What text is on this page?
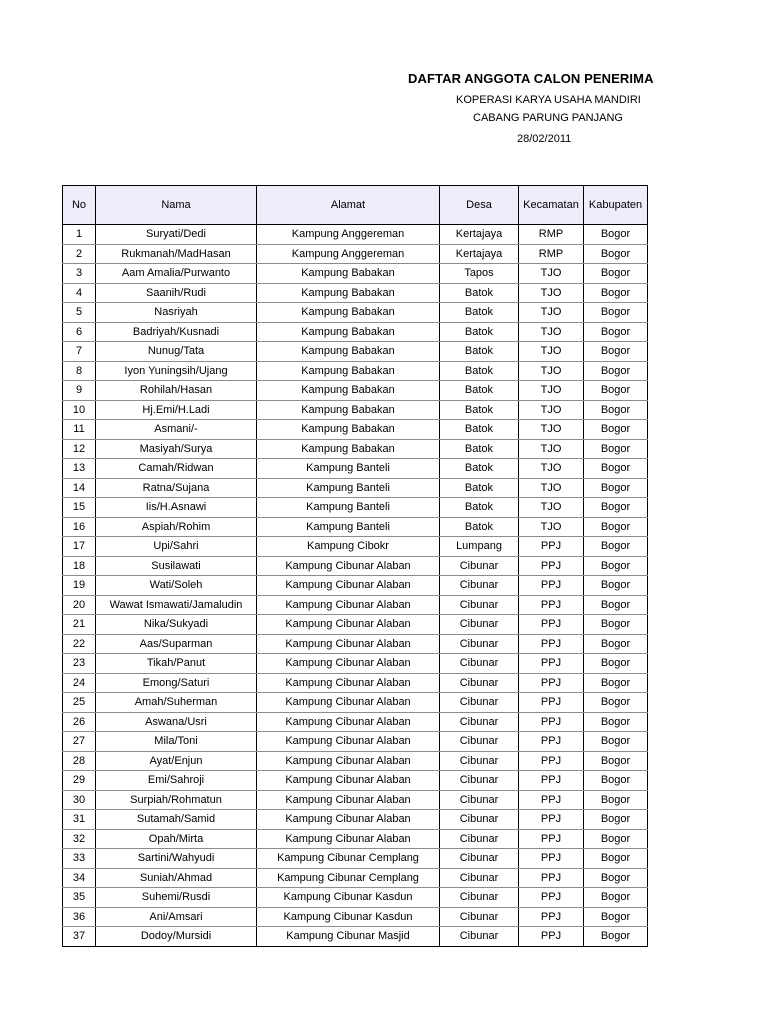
DAFTAR ANGGOTA CALON PENERIMA
KOPERASI KARYA USAHA MANDIRI
CABANG PARUNG PANJANG
28/02/2011
No	Nama	Alamat	Desa	Kecamatan	Kabupaten
1	Suryati/Dedi	Kampung Anggereman	Kertajaya	RMP	Bogor
2	Rukmanah/MadHasan	Kampung Anggereman	Kertajaya	RMP	Bogor
3	Aam Amalia/Purwanto	Kampung Babakan	Tapos	TJO	Bogor
4	Saanih/Rudi	Kampung Babakan	Batok	TJO	Bogor
5	Nasriyah	Kampung Babakan	Batok	TJO	Bogor
6	Badriyah/Kusnadi	Kampung Babakan	Batok	TJO	Bogor
7	Nunug/Tata	Kampung Babakan	Batok	TJO	Bogor
8	Iyon Yuningsih/Ujang	Kampung Babakan	Batok	TJO	Bogor
9	Rohilah/Hasan	Kampung Babakan	Batok	TJO	Bogor
10	Hj.Emi/H.Ladi	Kampung Babakan	Batok	TJO	Bogor
11	Asmani/-	Kampung Babakan	Batok	TJO	Bogor
12	Masiyah/Surya	Kampung Babakan	Batok	TJO	Bogor
13	Camah/Ridwan	Kampung Banteli	Batok	TJO	Bogor
14	Ratna/Sujana	Kampung Banteli	Batok	TJO	Bogor
15	Iis/H.Asnawi	Kampung Banteli	Batok	TJO	Bogor
16	Aspiah/Rohim	Kampung Banteli	Batok	TJO	Bogor
17	Upi/Sahri	Kampung Cibokr	Lumpang	PPJ	Bogor
18	Susilawati	Kampung Cibunar Alaban	Cibunar	PPJ	Bogor
19	Wati/Soleh	Kampung Cibunar Alaban	Cibunar	PPJ	Bogor
20	Wawat Ismawati/Jamaludin	Kampung Cibunar Alaban	Cibunar	PPJ	Bogor
21	Nika/Sukyadi	Kampung Cibunar Alaban	Cibunar	PPJ	Bogor
22	Aas/Suparman	Kampung Cibunar Alaban	Cibunar	PPJ	Bogor
23	Tikah/Panut	Kampung Cibunar Alaban	Cibunar	PPJ	Bogor
24	Emong/Saturi	Kampung Cibunar Alaban	Cibunar	PPJ	Bogor
25	Amah/Suherman	Kampung Cibunar Alaban	Cibunar	PPJ	Bogor
26	Aswana/Usri	Kampung Cibunar Alaban	Cibunar	PPJ	Bogor
27	Mila/Toni	Kampung Cibunar Alaban	Cibunar	PPJ	Bogor
28	Ayat/Enjun	Kampung Cibunar Alaban	Cibunar	PPJ	Bogor
29	Emi/Sahroji	Kampung Cibunar Alaban	Cibunar	PPJ	Bogor
30	Surpiah/Rohmatun	Kampung Cibunar Alaban	Cibunar	PPJ	Bogor
31	Sutamah/Samid	Kampung Cibunar Alaban	Cibunar	PPJ	Bogor
32	Opah/Mirta	Kampung Cibunar Alaban	Cibunar	PPJ	Bogor
33	Sartini/Wahyudi	Kampung Cibunar Cemplang	Cibunar	PPJ	Bogor
34	Suniah/Ahmad	Kampung Cibunar Cemplang	Cibunar	PPJ	Bogor
35	Suhemi/Rusdi	Kampung Cibunar Kasdun	Cibunar	PPJ	Bogor
36	Ani/Amsari	Kampung Cibunar Kasdun	Cibunar	PPJ	Bogor
37	Dodoy/Mursidi	Kampung Cibunar Masjid	Cibunar	PPJ	Bogor
